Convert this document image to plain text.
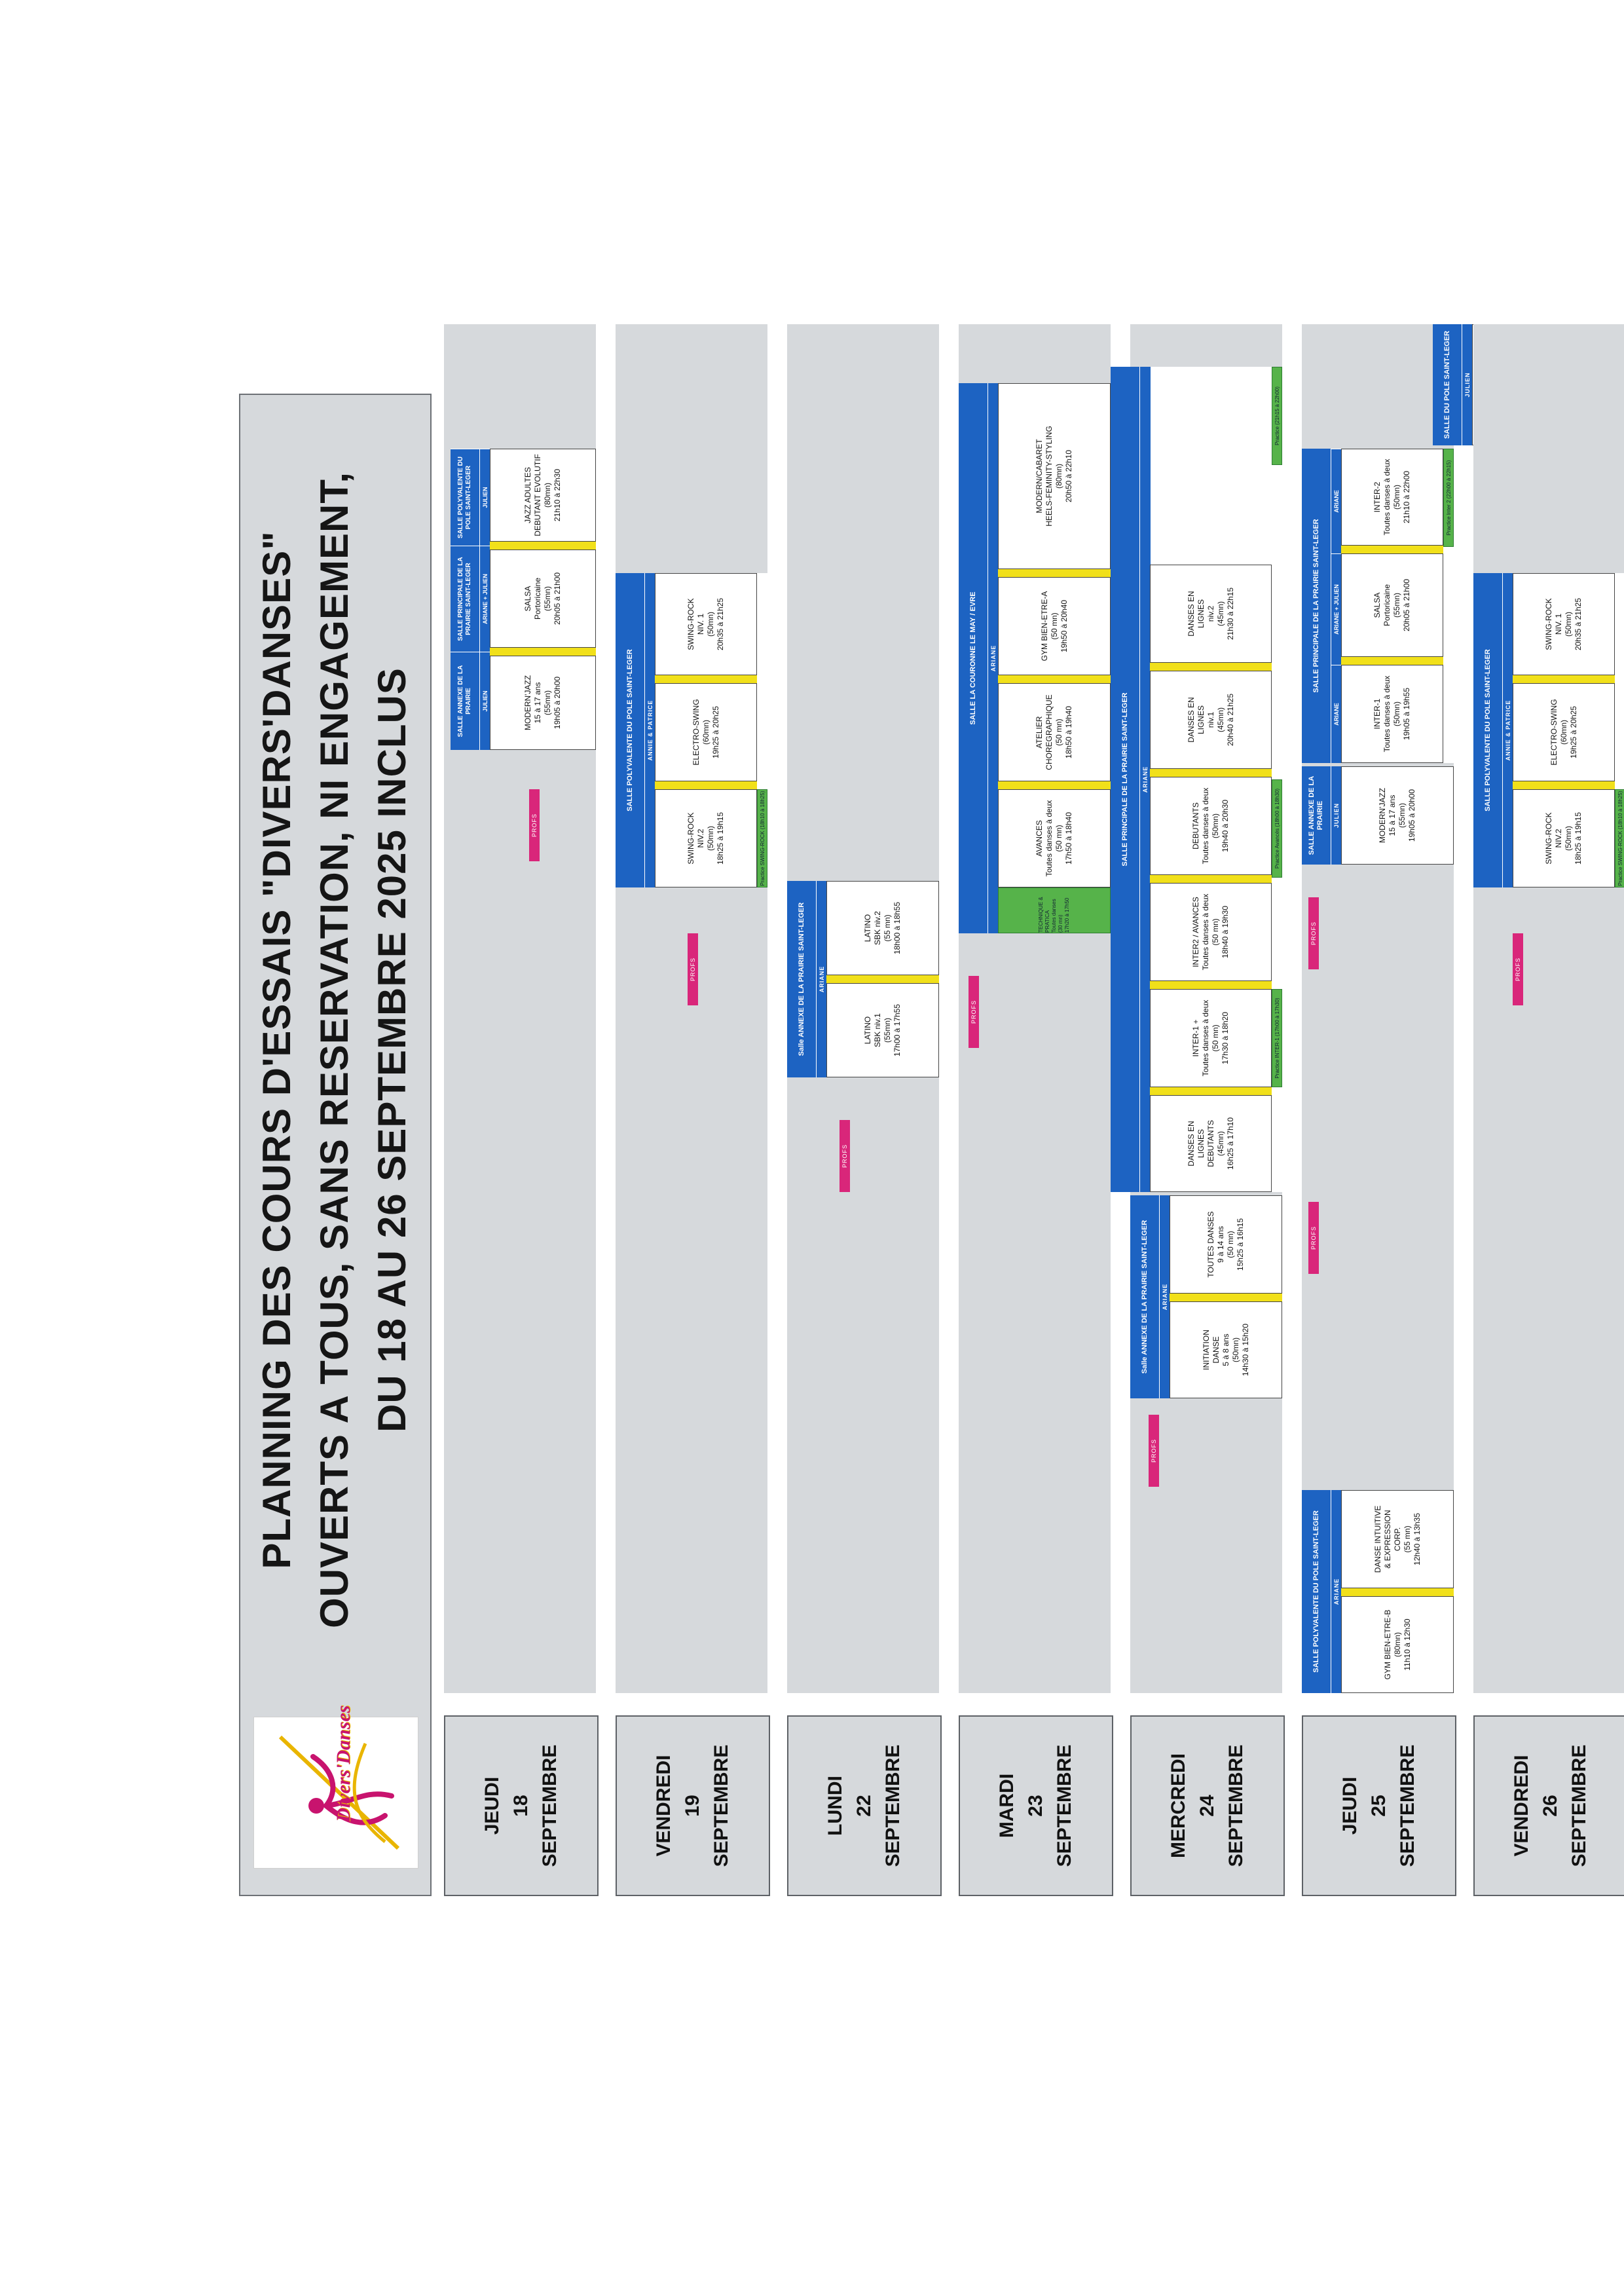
Divers'Danses
PLANNING DES COURS D'ESSAIS "DIVERS'DANSES" OUVERTS A TOUS, SANS RESERVATION, NI ENGAGEMENT, DU 18 AU 26 SEPTEMBRE 2025 INCLUS
JEUDI 18 SEPTEMBRE
PROFS
SALLE ANNEXE DE LA PRAIRIE
SALLE PRINCIPALE DE LA PRAIRIE SAINT-LEGER
SALLE POLYVALENTE DU POLE SAINT-LEGER
JULIEN
ARIANE + JULIEN
JULIEN
MODERN'JAZZ
15 à 17 ans
(55mn)
19h05 à 20h00
SALSA
Portoricaine
(55mn)
20h05 à 21h00
JAZZ ADULTES
DEBUTANT EVOLUTIF
(80mn)
21h10 à 22h30
VENDREDI 19 SEPTEMBRE
PROFS
Practice SWING-ROCK (18h10 à 18h25)
SALLE POLYVALENTE DU POLE SAINT-LEGER	ANNIE & PATRICE
SWING-ROCK
NIV.2
(50mn)
18h25 à 19h15
ELECTRO-SWING
(60mn)
19h25 à 20h25
SWING-ROCK
NIV. 1
(50mn)
20h35 à 21h25
LUNDI 22 SEPTEMBRE
PROFS
Salle ANNEXE DE LA PRAIRIE SAINT-LEGER	ARIANE
LATINO
SBK niv.1
(55mn)
17h00 à 17h55
LATINO
SBK niv.2
(55 mn)
18h00 à 18h55
MARDI 23 SEPTEMBRE
PROFS
SALLE LA COURONNE LE MAY / EVRE	ARIANE
TECHNIQUE & PRATICA
Toutes danses
(30 mn)
17h20 à 17h50
AVANCES
Toutes danses à deux
(50 mn)
17h50 à 18h40
ATELIER
CHOREGRAPHIQUE
(50 mn)
18h50 à 19h40
GYM BIEN-ETRE-A
(50 mn)
19h50 à 20h40
MODERN/CABARET
HEELS-FEMINITY-STYLING
(80mn)
20h50 à 22h10
MERCREDI 24 SEPTEMBRE
PROFS
Salle ANNEXE DE LA PRAIRIE SAINT-LEGER	ARIANE
INITIATION
DANSE
5 à 8 ans
(50mn)
14h30 à 15h20
TOUTES DANSES
9 à 14 ans
(50 mn)
15h25 à 16h15
SALLE PRINCIPALE DE LA PRAIRIE SAINT-LEGER	ARIANE
Practice INTER-1 (17h00 à 17h30)
Practice Avancés (18h00 à 18h30)
Practice (21h15 à 22h00)
DANSES EN
LIGNES
DEBUTANTS
(45mn)
16h25 à 17h10
INTER-1 +
Toutes danses à deux
(50 mn)
17h30 à 18h20
INTER2 / AVANCES
Toutes danses à deux
(50 mn)
18h40 à 19h30
DEBUTANTS
Toutes danses à deux
(50mn)
19h40 à 20h30
DANSES EN
LIGNES
niv.1
(45mn)
20h40 à 21h25
DANSES EN
LIGNES
niv.2
(45mn)
21h30 à 22h15
JEUDI 25 SEPTEMBRE
SALLE POLYVALENTE DU POLE SAINT-LEGER	ARIANE
GYM BIEN-ETRE-B
(80mn)
11h10 à 12h30
DANSE INTUITIVE
& EXPRESSION
CORP.
(55 mn)
12h40 à 13h35
PROFS
PROFS
SALLE ANNEXE DE LA PRAIRIE	JULIEN	MODERN'JAZZ
15 à 17 ans
(55mn)
19h05 à 20h00
SALLE PRINCIPALE DE LA PRAIRIE SAINT-LEGER
ARIANE
ARIANE + JULIEN
ARIANE	Practice Inter 2 (22h00 à 22h15)
INTER-1
Toutes danses à deux
(50mn)
19h05 à 19h55
SALSA
Portoricaine
(55mn)
20h05 à 21h00
INTER-2
Toutes danses à deux
(50mn)
21h10 à 22h00
SALLE DU POLE SAINT-LEGER	JULIEN
VENDREDI 26 SEPTEMBRE
PROFS
Practice SWING-ROCK (18h10 à 18h25)
SALLE POLYVALENTE DU POLE SAINT-LEGER	ANNIE & PATRICE
SWING-ROCK
NIV.2
(50mn)
18h25 à 19h15
ELECTRO-SWING
(60mn)
19h25 à 20h25
SWING-ROCK
NIV. 1
(50mn)
20h35 à 21h25
